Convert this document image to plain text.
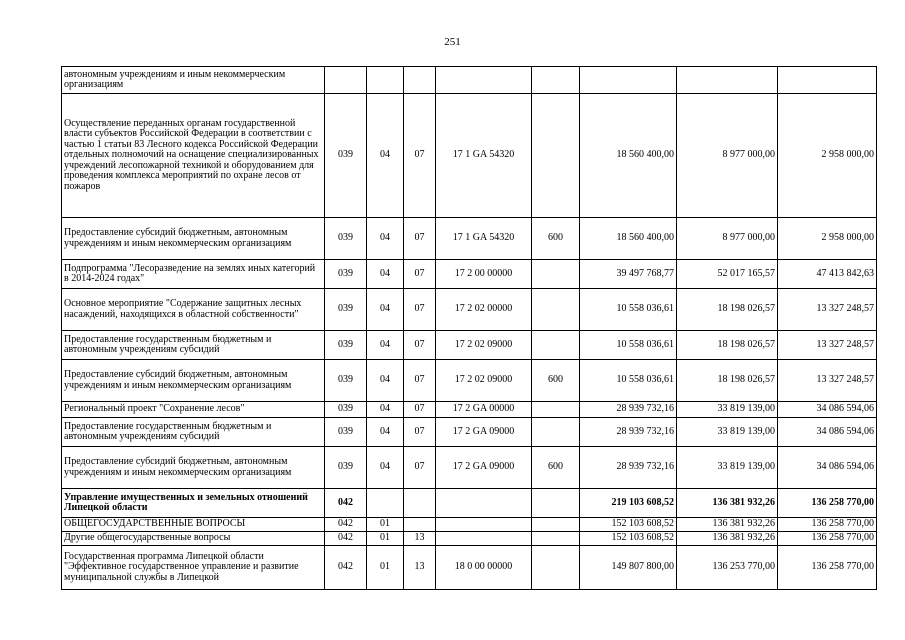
251
автономным учреждениям и иным некоммерческим организациям								
Осуществление переданных органам государственной власти субъектов Российской Федерации в соответствии с частью 1 статьи 83 Лесного кодекса Российской Федерации отдельных полномочий на оснащение специализированных учреждений лесопожарной техникой и оборудованием для проведения комплекса мероприятий по охране лесов от пожаров	039	04	07	17 1 GA 54320		18 560 400,00	8 977 000,00	2 958 000,00
Предоставление субсидий бюджетным, автономным учреждениям и иным некоммерческим организациям	039	04	07	17 1 GA 54320	600	18 560 400,00	8 977 000,00	2 958 000,00
Подпрограмма "Лесоразведение на землях иных категорий в 2014-2024 годах"	039	04	07	17 2 00 00000		39 497 768,77	52 017 165,57	47 413 842,63
Основное мероприятие "Содержание защитных лесных насаждений, находящихся в областной собственности"	039	04	07	17 2 02 00000		10 558 036,61	18 198 026,57	13 327 248,57
Предоставление государственным бюджетным и автономным учреждениям субсидий	039	04	07	17 2 02 09000		10 558 036,61	18 198 026,57	13 327 248,57
Предоставление субсидий бюджетным, автономным учреждениям и иным некоммерческим организациям	039	04	07	17 2 02 09000	600	10 558 036,61	18 198 026,57	13 327 248,57
Региональный проект "Сохранение лесов"	039	04	07	17 2 GA 00000		28 939 732,16	33 819 139,00	34 086 594,06
Предоставление государственным бюджетным и автономным учреждениям субсидий	039	04	07	17 2 GA 09000		28 939 732,16	33 819 139,00	34 086 594,06
Предоставление субсидий бюджетным, автономным учреждениям и иным некоммерческим организациям	039	04	07	17 2 GA 09000	600	28 939 732,16	33 819 139,00	34 086 594,06
Управление имущественных и земельных отношений Липецкой области	042					219 103 608,52	136 381 932,26	136 258 770,00
ОБЩЕГОСУДАРСТВЕННЫЕ ВОПРОСЫ	042	01				152 103 608,52	136 381 932,26	136 258 770,00
Другие общегосударственные вопросы	042	01	13			152 103 608,52	136 381 932,26	136 258 770,00
Государственная программа Липецкой области "Эффективное государственное управление и развитие муниципальной службы в Липецкой	042	01	13	18 0 00 00000		149 807 800,00	136 253 770,00	136 258 770,00
